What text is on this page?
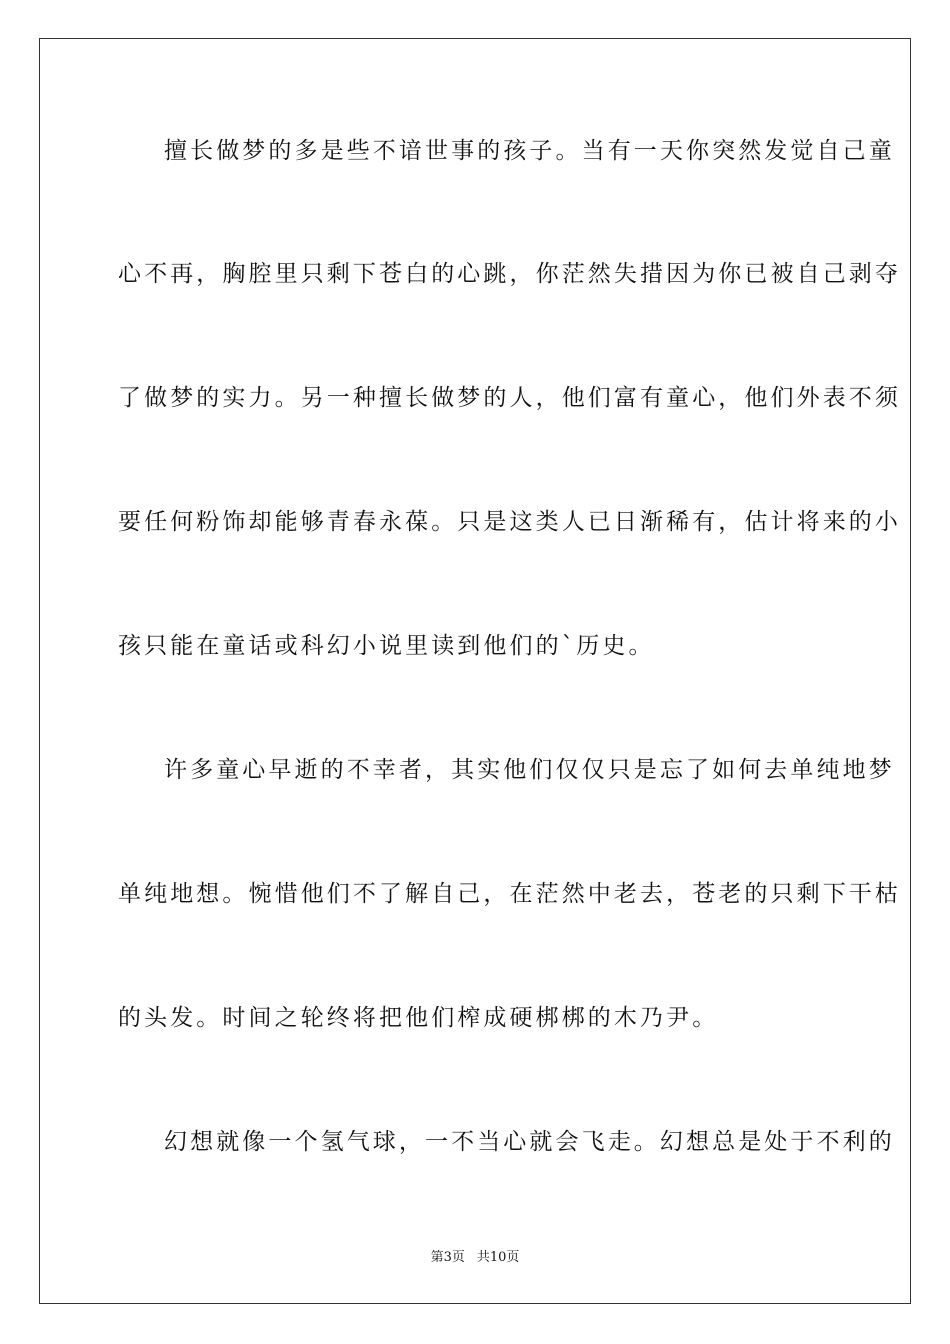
擅长做梦的多是些不谙世事的孩子。当有一天你突然发觉自己童
心不再，胸腔里只剩下苍白的心跳，你茫然失措因为你已被自己剥夺
了做梦的实力。另一种擅长做梦的人，他们富有童心，他们外表不须
要任何粉饰却能够青春永葆。只是这类人已日渐稀有，估计将来的小
孩只能在童话或科幻小说里读到他们的`历史。
许多童心早逝的不幸者，其实他们仅仅只是忘了如何去单纯地梦
单纯地想。惋惜他们不了解自己，在茫然中老去，苍老的只剩下干枯
的头发。时间之轮终将把他们榨成硬梆梆的木乃尹。
幻想就像一个氢气球，一不当心就会飞走。幻想总是处于不利的
第3页 共10页
